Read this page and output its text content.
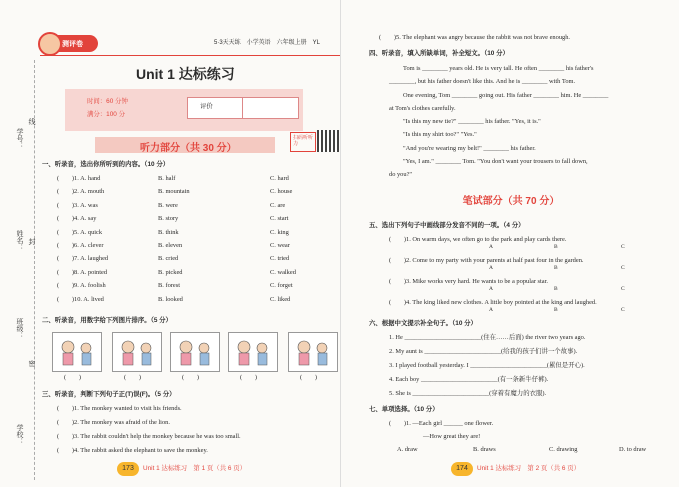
学号：
线
姓名： 封
班级：
密
学校：
测评卷	5·3天天练　小学英语　六年级上册　YL
Unit 1 达标练习
时间：60 分钟
满分：100 分
评价
听力部分（共 30 分）
扫码听听力
一、听录音，选出你所听到的内容。（10 分）
(　　)1. A. hand	B. half	C. hard
(　　)2. A. mouth	B. mountain	C. house
(　　)3. A. was	B. were	C. are
(　　)4. A. say	B. story	C. start
(　　)5. A. quick	B. think	C. king
(　　)6. A. clever	B. eleven	C. wear
(　　)7. A. laughed	B. cried	C. tried
(　　)8. A. pointed	B. picked	C. walked
(　　)9. A. foolish	B. forest	C. forget
(　　)10. A. lived	B. looked	C. liked
二、听录音，用数字给下列图片排序。（5 分）
(　　)	(　　)	(　　)	(　　)	(　　)
三、听录音，判断下列句子正(T)误(F)。（5 分）
(　　)1. The monkey wanted to visit his friends.
(　　)2. The monkey was afraid of the lion.
(　　)3. The rabbit couldn't help the monkey because he was too small.
(　　)4. The rabbit asked the elephant to save the monkey.
173	Unit 1 达标练习　第 1 页（共 6 页）
(　　)5. The elephant was angry because the rabbit was not brave enough.
四、听录音，填入所缺单词，补全短文。（10 分）
Tom is ________ years old. He is very tall. He often ________ his father's
________, but his father doesn't like this. And he is ________ with Tom.
One evening, Tom ________ going out. His father ________ him. He ________
at Tom's clothes carefully.
"Is this my new tie?" ________ his father. "Yes, it is."
"Is this my shirt too?" "Yes."
"And you're wearing my belt!" ________ his father.
"Yes, I am." ________ Tom. "You don't want your trousers to fall down,
do you?"
笔试部分（共 70 分）
五、选出下列句子中画线部分发音不同的一项。（4 分）
(　　)1. On warm days, we often go to the park and play cards there.
A	B	C
(　　)2. Come to my party with your parents at half past four in the garden.
A	B	C
(　　)3. Mike works very hard. He wants to be a popular star.
A	B	C
(　　)4. The king liked new clothes. A little boy pointed at the king and laughed.
A	B	C
六、根据中文提示补全句子。（10 分）
1. He ________________________(住在……后面) the river two years ago.
2. My aunt is ________________________(给我的孩子们讲一个故事).
3. I played football yesterday. I ________________________(累但是开心).
4. Each boy ________________________(有一条新牛仔裤).
5. She is ________________________(穿着有魔力的衣服).
七、单项选择。（10 分）
(　　)1. —Each girl ______ one flower.
—How great they are!
A. draw	B. draws	C. drawing	D. to draw
174	Unit 1 达标练习　第 2 页（共 6 页）
